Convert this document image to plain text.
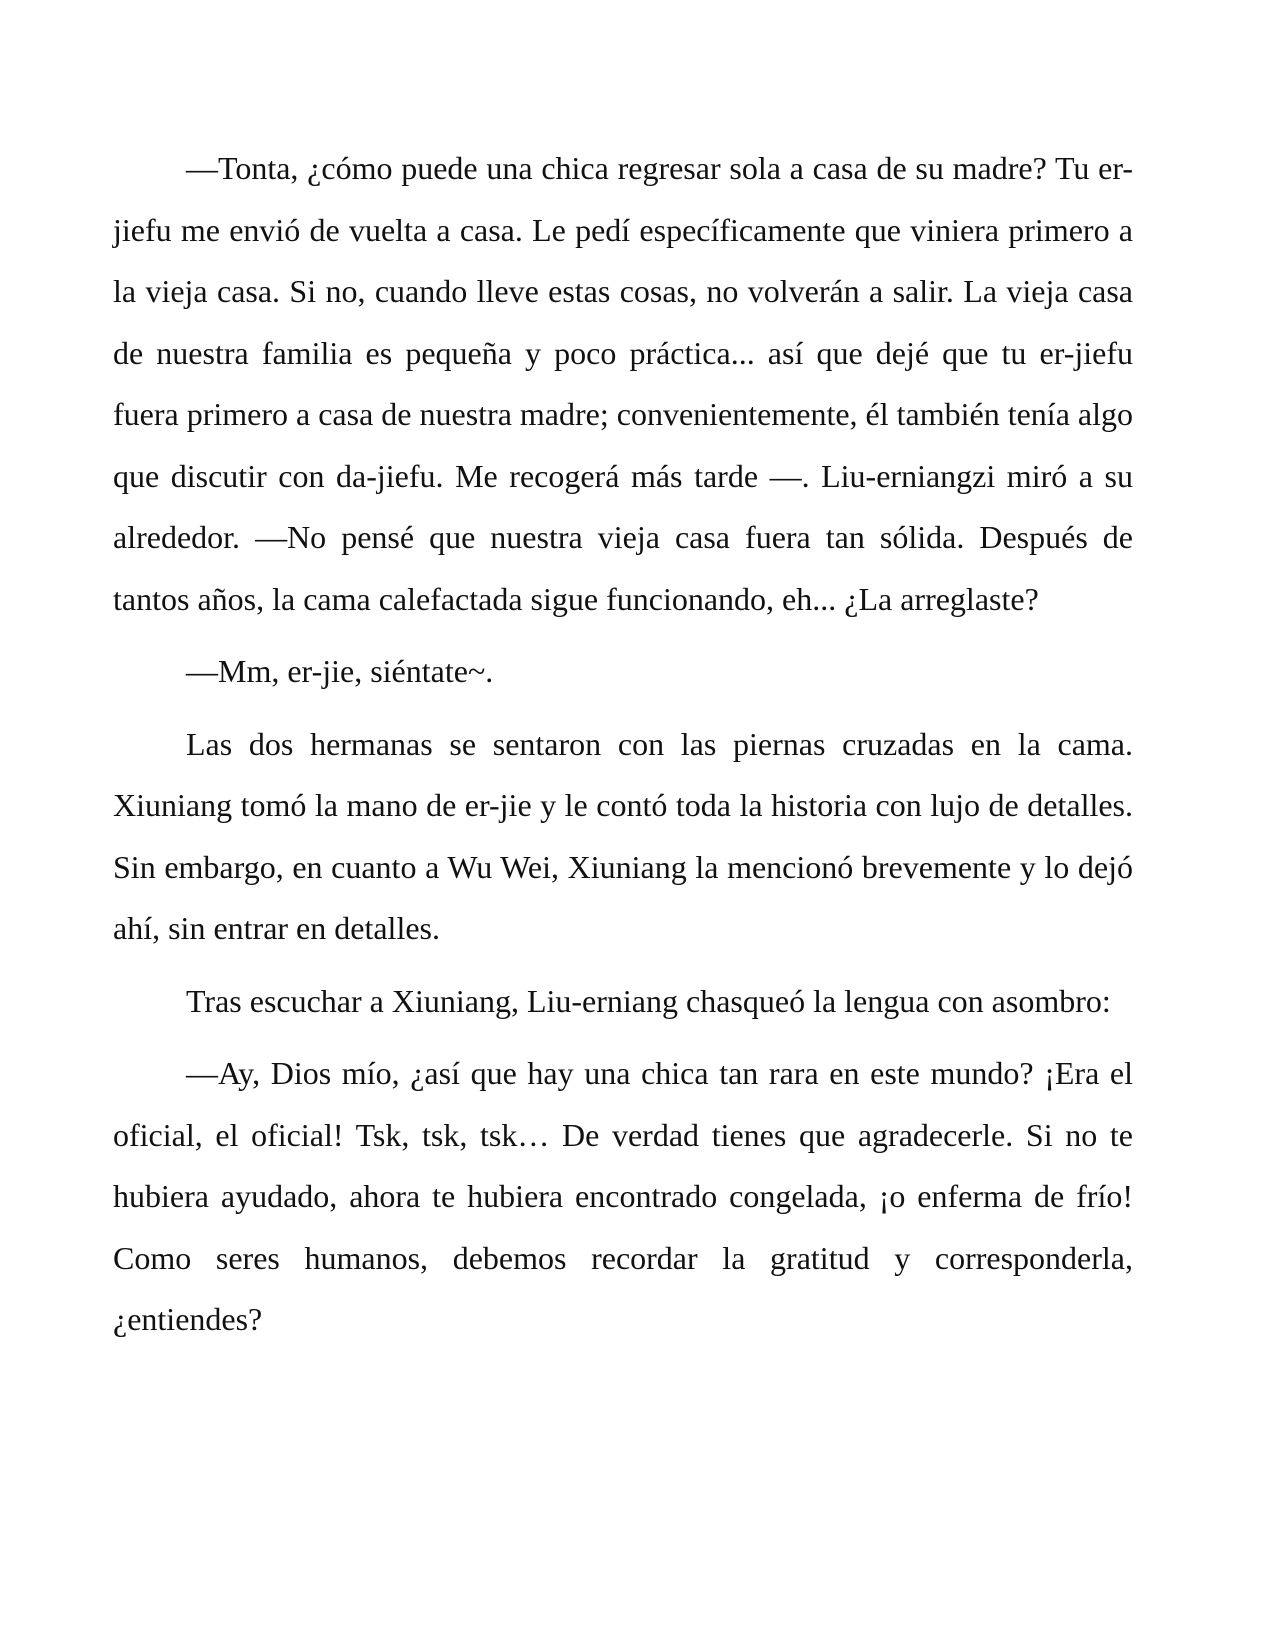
—Tonta, ¿cómo puede una chica regresar sola a casa de su madre? Tu er-jiefu me envió de vuelta a casa. Le pedí específicamente que viniera primero a la vieja casa. Si no, cuando lleve estas cosas, no volverán a salir. La vieja casa de nuestra familia es pequeña y poco práctica... así que dejé que tu er-jiefu fuera primero a casa de nuestra madre; convenientemente, él también tenía algo que discutir con da-jiefu. Me recogerá más tarde —. Liu-erniangzi miró a su alrededor. —No pensé que nuestra vieja casa fuera tan sólida. Después de tantos años, la cama calefactada sigue funcionando, eh... ¿La arreglaste?

—Mm, er-jie, siéntate~.

Las dos hermanas se sentaron con las piernas cruzadas en la cama. Xiuniang tomó la mano de er-jie y le contó toda la historia con lujo de detalles. Sin embargo, en cuanto a Wu Wei, Xiuniang la mencionó brevemente y lo dejó ahí, sin entrar en detalles.

Tras escuchar a Xiuniang, Liu-erniang chasqueó la lengua con asombro:

—Ay, Dios mío, ¿así que hay una chica tan rara en este mundo? ¡Era el oficial, el oficial! Tsk, tsk, tsk… De verdad tienes que agradecerle. Si no te hubiera ayudado, ahora te hubiera encontrado congelada, ¡o enferma de frío! Como seres humanos, debemos recordar la gratitud y corresponderla, ¿entiendes?
